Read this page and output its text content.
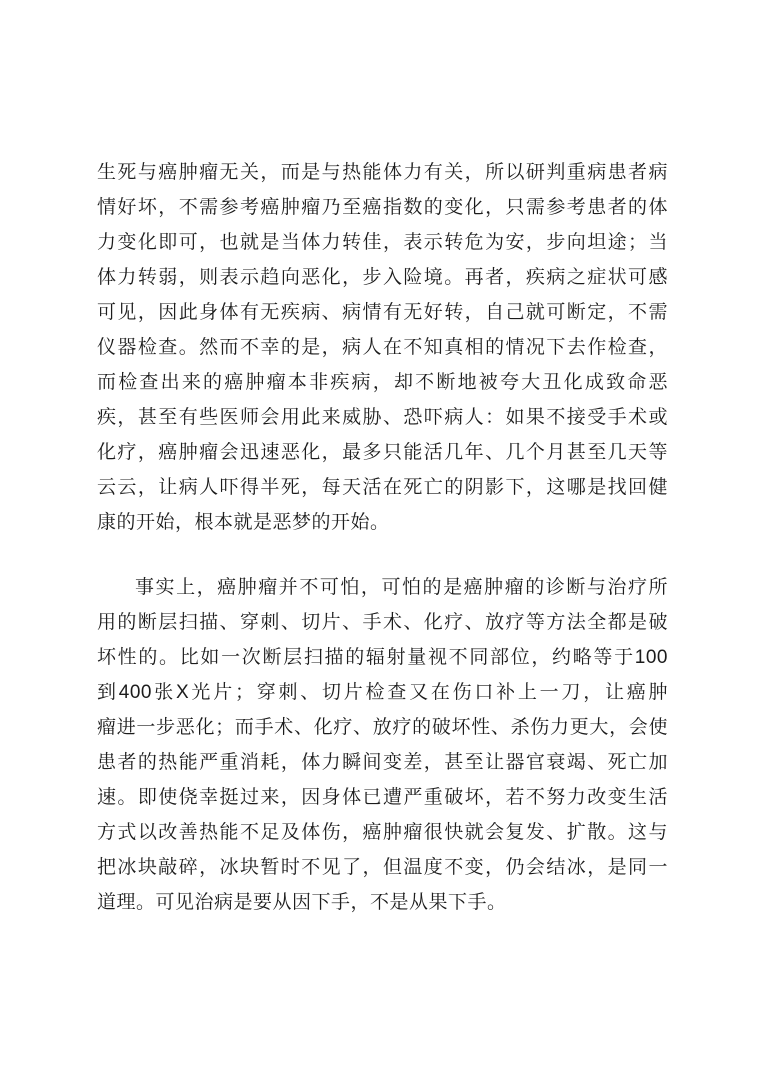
生死与癌肿瘤无关，而是与热能体力有关，所以研判重病患者病
情好坏，不需参考癌肿瘤乃至癌指数的变化，只需参考患者的体
力变化即可，也就是当体力转佳，表示转危为安，步向坦途；当
体力转弱，则表示趋向恶化，步入险境。再者，疾病之症状可感
可见，因此身体有无疾病、病情有无好转，自己就可断定，不需
仪器检查。然而不幸的是，病人在不知真相的情况下去作检查，
而检查出来的癌肿瘤本非疾病，却不断地被夸大丑化成致命恶
疾，甚至有些医师会用此来威胁、恐吓病人：如果不接受手术或
化疗，癌肿瘤会迅速恶化，最多只能活几年、几个月甚至几天等
云云，让病人吓得半死，每天活在死亡的阴影下，这哪是找回健
康的开始，根本就是恶梦的开始。
事实上，癌肿瘤并不可怕，可怕的是癌肿瘤的诊断与治疗所
用的断层扫描、穿刺、切片、手术、化疗、放疗等方法全都是破
坏性的。比如一次断层扫描的辐射量视不同部位，约略等于100
到400张X光片；穿刺、切片检查又在伤口补上一刀，让癌肿
瘤进一步恶化；而手术、化疗、放疗的破坏性、杀伤力更大，会使
患者的热能严重消耗，体力瞬间变差，甚至让器官衰竭、死亡加
速。即使侥幸挺过来，因身体已遭严重破坏，若不努力改变生活
方式以改善热能不足及体伤，癌肿瘤很快就会复发、扩散。这与
把冰块敲碎，冰块暂时不见了，但温度不变，仍会结冰，是同一
道理。可见治病是要从因下手，不是从果下手。
